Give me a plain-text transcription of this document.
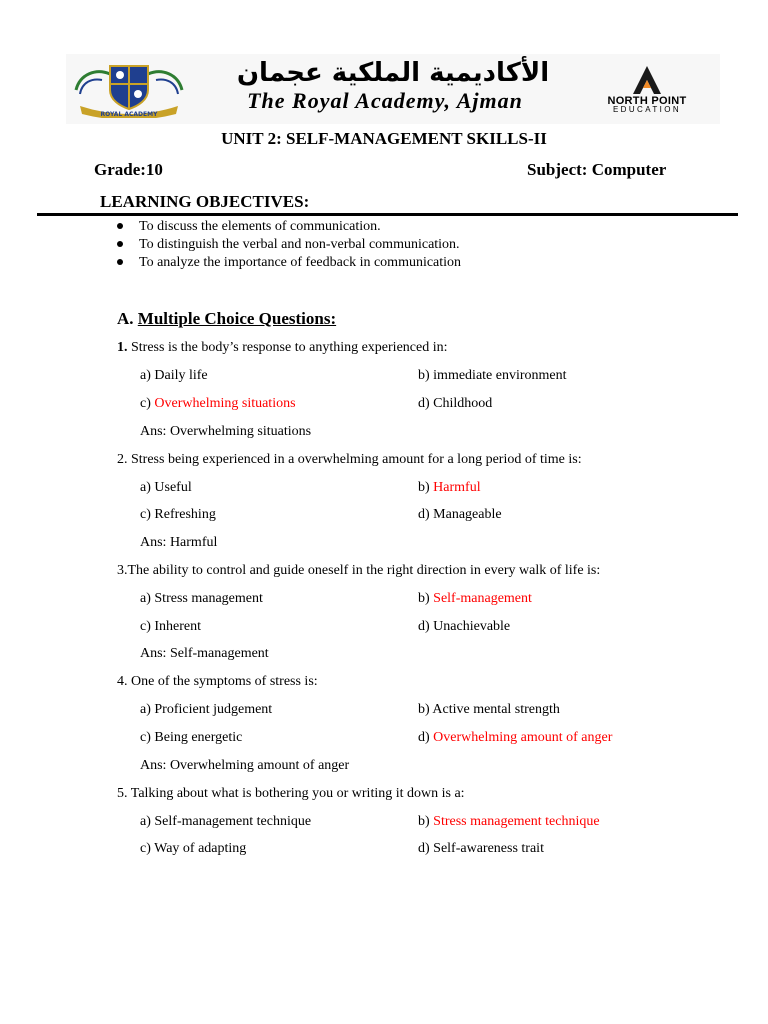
ROYAL ACADEMY
الأكاديمية الملكية عجمان
The Royal Academy, Ajman	NORTH POINT
EDUCATION
UNIT 2: SELF-MANAGEMENT SKILLS-II
Grade:10	Subject: Computer
LEARNING OBJECTIVES:
To discuss the elements of communication.
To distinguish the verbal and non-verbal communication.
To analyze the importance of feedback in communication
A. Multiple Choice Questions:
1. Stress is the body’s response to anything experienced in:
a) Daily life	b) immediate environment
c) Overwhelming situations	d) Childhood
Ans: Overwhelming situations
2. Stress being experienced in a overwhelming amount for a long period of time is:
a) Useful	b) Harmful
c) Refreshing	d) Manageable
Ans: Harmful
3.The ability to control and guide oneself in the right direction in every walk of life is:
a) Stress management	b) Self-management
c) Inherent	d) Unachievable
Ans: Self-management
4. One of the symptoms of stress is:
a) Proficient judgement	b) Active mental strength
c) Being energetic	d) Overwhelming amount of anger
Ans: Overwhelming amount of anger
5. Talking about what is bothering you or writing it down is a:
a) Self-management technique	b) Stress management technique
c) Way of adapting	d) Self-awareness trait
